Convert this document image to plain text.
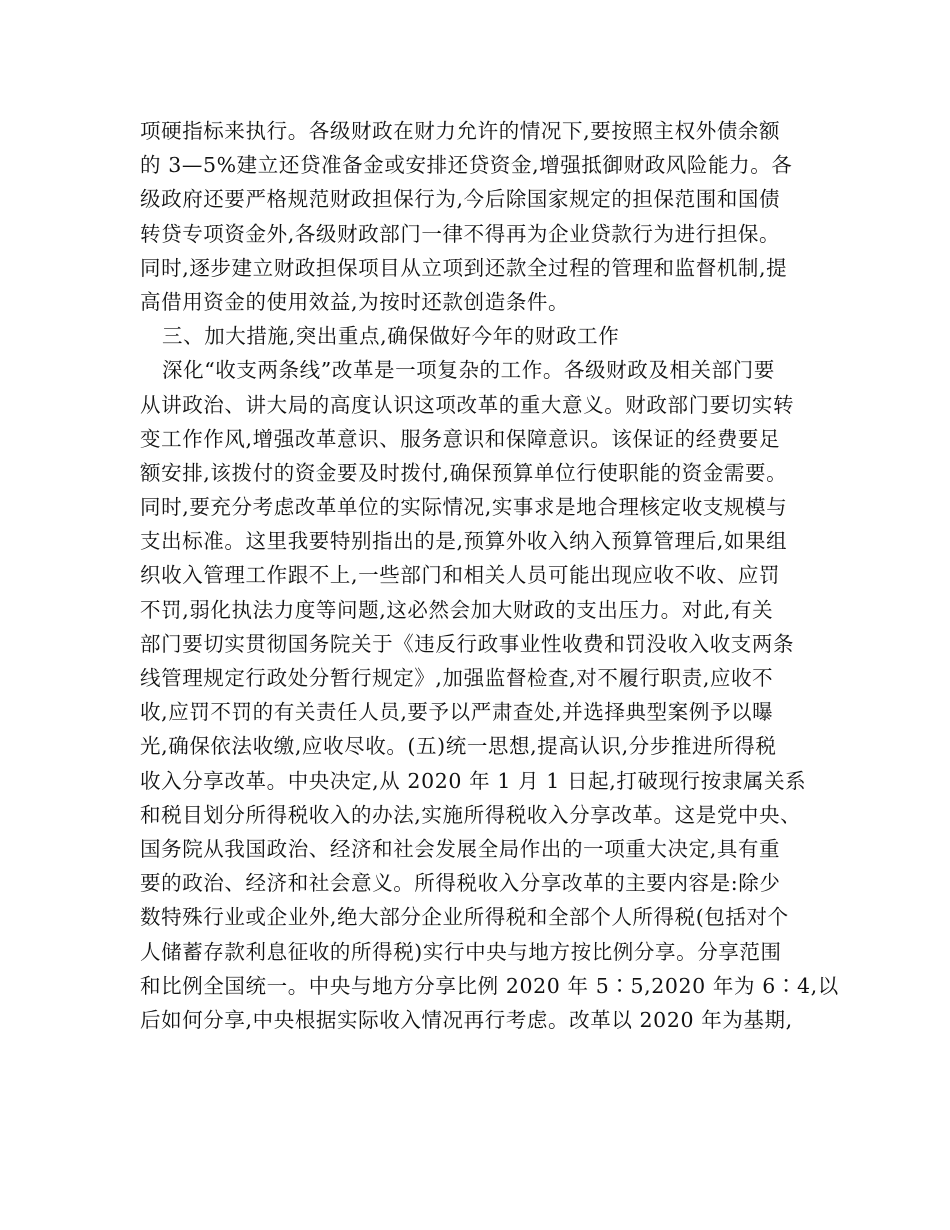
项硬指标来执行。各级财政在财力允许的情况下,要按照主权外债余额
的 3—5%建立还贷准备金或安排还贷资金,增强抵御财政风险能力。各
级政府还要严格规范财政担保行为,今后除国家规定的担保范围和国债
转贷专项资金外,各级财政部门一律不得再为企业贷款行为进行担保。
同时,逐步建立财政担保项目从立项到还款全过程的管理和监督机制,提
高借用资金的使用效益,为按时还款创造条件。
三、加大措施,突出重点,确保做好今年的财政工作
深化“收支两条线”改革是一项复杂的工作。各级财政及相关部门要
从讲政治、讲大局的高度认识这项改革的重大意义。财政部门要切实转
变工作作风,增强改革意识、服务意识和保障意识。该保证的经费要足
额安排,该拨付的资金要及时拨付,确保预算单位行使职能的资金需要。
同时,要充分考虑改革单位的实际情况,实事求是地合理核定收支规模与
支出标准。这里我要特别指出的是,预算外收入纳入预算管理后,如果组
织收入管理工作跟不上,一些部门和相关人员可能出现应收不收、应罚
不罚,弱化执法力度等问题,这必然会加大财政的支出压力。对此,有关
部门要切实贯彻国务院关于《违反行政事业性收费和罚没收入收支两条
线管理规定行政处分暂行规定》,加强监督检查,对不履行职责,应收不
收,应罚不罚的有关责任人员,要予以严肃查处,并选择典型案例予以曝
光,确保依法收缴,应收尽收。(五)统一思想,提高认识,分步推进所得税
收入分享改革。中央决定,从 2020 年 1 月 1 日起,打破现行按隶属关系
和税目划分所得税收入的办法,实施所得税收入分享改革。这是党中央、
国务院从我国政治、经济和社会发展全局作出的一项重大决定,具有重
要的政治、经济和社会意义。所得税收入分享改革的主要内容是:除少
数特殊行业或企业外,绝大部分企业所得税和全部个人所得税(包括对个
人储蓄存款利息征收的所得税)实行中央与地方按比例分享。分享范围
和比例全国统一。中央与地方分享比例 2020 年 5∶5,2020 年为 6∶4,以
后如何分享,中央根据实际收入情况再行考虑。改革以 2020 年为基期,
